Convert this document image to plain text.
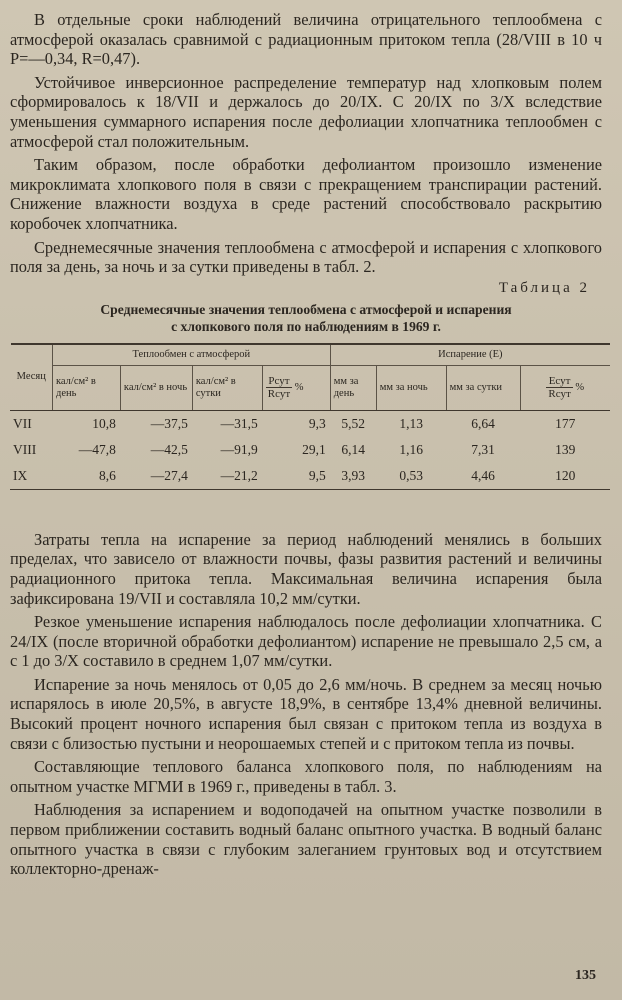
В отдельные сроки наблюдений величина отрицательного теплообмена с атмосферой оказалась сравнимой с радиационным притоком тепла (28/VIII в 10 ч P=—0,34, R=0,47).

Устойчивое инверсионное распределение температур над хлопковым полем сформировалось к 18/VII и держалось до 20/IX. С 20/IX по 3/X вследствие уменьшения суммарного испарения после дефолиации хлопчатника теплообмен с атмосферой стал положительным.

Таким образом, после обработки дефолиантом произошло изменение микроклимата хлопкового поля в связи с прекращением транспирации растений. Снижение влажности воздуха в среде растений способствовало раскрытию коробочек хлопчатника.

Среднемесячные значения теплообмена с атмосферой и испарения с хлопкового поля за день, за ночь и за сутки приведены в табл. 2.

Таблица 2
Среднемесячные значения теплообмена с атмосферой и испарения
с хлопкового поля по наблюдениям в 1969 г.
Месяц	Теплообмен с атмосферой				Испарение (E)			
	кал/см² в день	кал/см² в ночь	кал/см² в сутки	$\frac{\text{Pсут}}{\text{Rсут}}$ %	мм за день	мм за ночь	мм за сутки	$\frac{\text{Eсут}}{\text{Rсут}}$ %
VII	10,8	—37,5	—31,5	9,3	5,52	1,13	6,64	177
VIII	—47,8	—42,5	—91,9	29,1	6,14	1,16	7,31	139
IX	8,6	—27,4	—21,2	9,5	3,93	0,53	4,46	120

Затраты тепла на испарение за период наблюдений менялись в больших пределах, что зависело от влажности почвы, фазы развития растений и величины радиационного притока тепла. Максимальная величина испарения была зафиксирована 19/VII и составляла 10,2 мм/сутки.

Резкое уменьшение испарения наблюдалось после дефолиации хлопчатника. С 24/IX (после вторичной обработки дефолиантом) испарение не превышало 2,5 см, а с 1 до 3/X составило в среднем 1,07 мм/сутки.

Испарение за ночь менялось от 0,05 до 2,6 мм/ночь. В среднем за месяц ночью испарялось в июле 20,5%, в августе 18,9%, в сентябре 13,4% дневной величины. Высокий процент ночного испарения был связан с притоком тепла из воздуха в связи с близостью пустыни и неорошаемых степей и с притоком тепла из почвы.

Составляющие теплового баланса хлопкового поля, по наблюдениям на опытном участке МГМИ в 1969 г., приведены в табл. 3.

Наблюдения за испарением и водоподачей на опытном участке позволили в первом приближении составить водный баланс опытного участка. В водный баланс опытного участка в связи с глубоким залеганием грунтовых вод и отсутствием коллекторно-дренаж-

135
